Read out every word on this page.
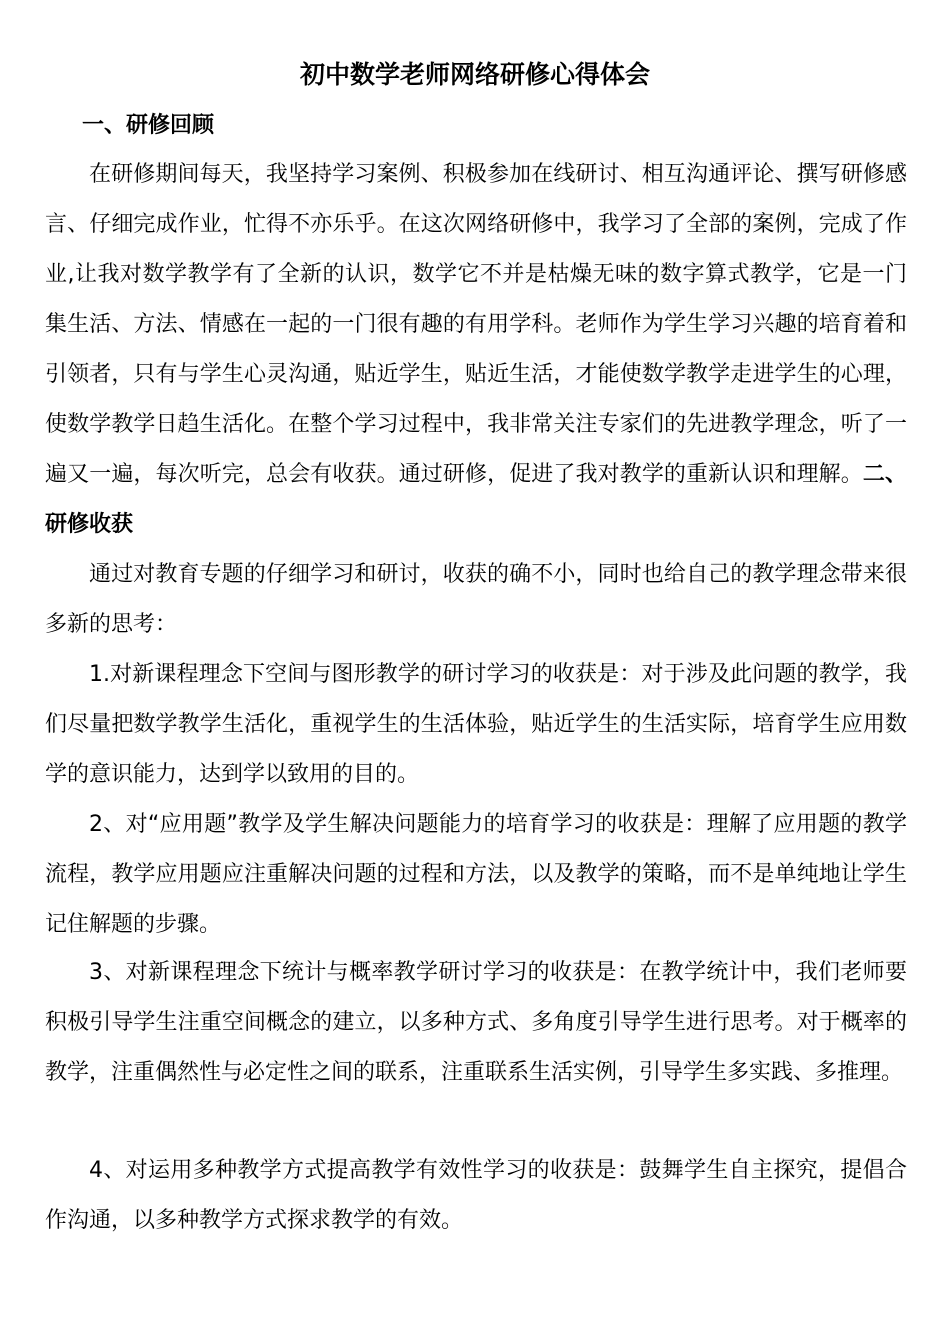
初中数学老师网络研修心得体会
一、研修回顾

在研修期间每天，我坚持学习案例、积极参加在线研讨、相互沟通评论、撰写研修感言、仔细完成作业，忙得不亦乐乎。在这次网络研修中，我学习了全部的案例，完成了作业,让我对数学教学有了全新的认识，数学它不并是枯燥无味的数字算式教学，它是一门集生活、方法、情感在一起的一门很有趣的有用学科。老师作为学生学习兴趣的培育着和引领者，只有与学生心灵沟通，贴近学生，贴近生活，才能使数学教学走进学生的心理，使数学教学日趋生活化。在整个学习过程中，我非常关注专家们的先进教学理念，听了一遍又一遍，每次听完，总会有收获。通过研修，促进了我对教学的重新认识和理解。二、研修收获

通过对教育专题的仔细学习和研讨，收获的确不小，同时也给自己的教学理念带来很多新的思考：

1.对新课程理念下空间与图形教学的研讨学习的收获是：对于涉及此问题的教学，我们尽量把数学教学生活化，重视学生的生活体验，贴近学生的生活实际，培育学生应用数学的意识能力，达到学以致用的目的。

2、对“应用题”教学及学生解决问题能力的培育学习的收获是：理解了应用题的教学流程，教学应用题应注重解决问题的过程和方法，以及教学的策略，而不是单纯地让学生记住解题的步骤。

3、对新课程理念下统计与概率教学研讨学习的收获是：在教学统计中，我们老师要积极引导学生注重空间概念的建立，以多种方式、多角度引导学生进行思考。对于概率的教学，注重偶然性与必定性之间的联系，注重联系生活实例，引导学生多实践、多推理。

4、对运用多种教学方式提高教学有效性学习的收获是：鼓舞学生自主探究，提倡合作沟通，以多种教学方式探求教学的有效。
